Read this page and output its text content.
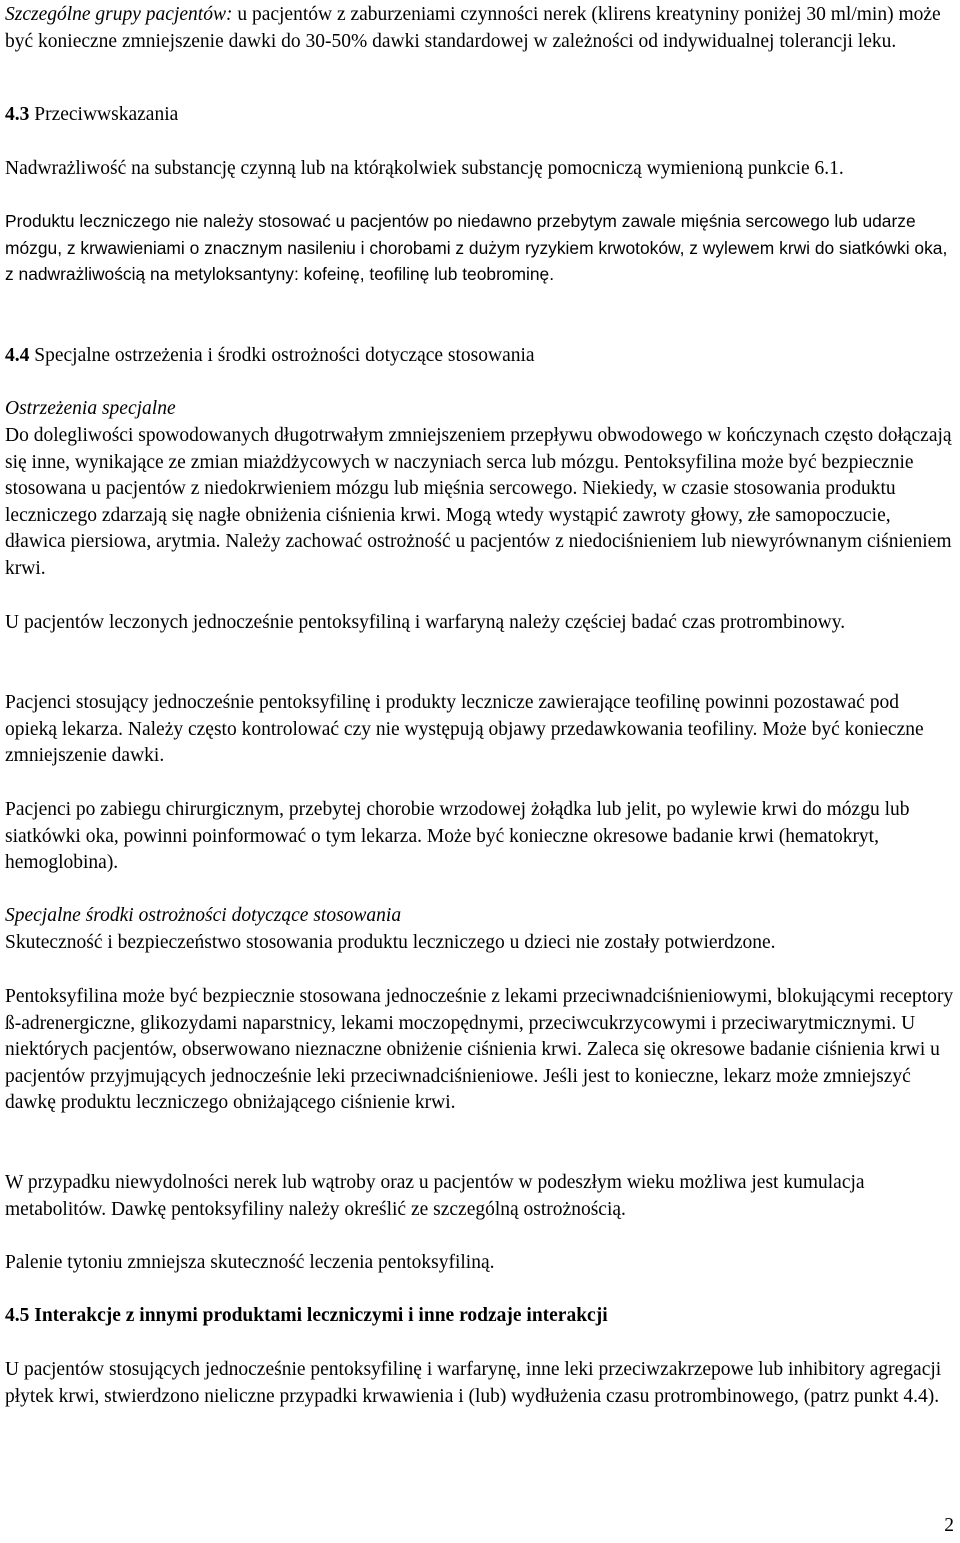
Szczególne grupy pacjentów: u pacjentów z zaburzeniami czynności nerek (klirens kreatyniny poniżej 30 ml/min) może być konieczne zmniejszenie dawki do 30-50% dawki standardowej w zależności od indywidualnej tolerancji leku.

4.3 Przeciwwskazania

Nadwrażliwość na substancję czynną lub na którąkolwiek substancję pomocniczą wymienioną punkcie 6.1.

Produktu leczniczego nie należy stosować u pacjentów po niedawno przebytym zawale mięśnia sercowego lub udarze mózgu, z krwawieniami o znacznym nasileniu i chorobami z dużym ryzykiem krwotoków, z wylewem krwi do siatkówki oka, z nadwrażliwością na metyloksantyny: kofeinę, teofilinę lub teobrominę.

4.4 Specjalne ostrzeżenia i środki ostrożności dotyczące stosowania

Ostrzeżenia specjalne

Do dolegliwości spowodowanych długotrwałym zmniejszeniem przepływu obwodowego w kończynach często dołączają się inne, wynikające ze zmian miażdżycowych w naczyniach serca lub mózgu. Pentoksyfilina może być bezpiecznie stosowana u pacjentów z niedokrwieniem mózgu lub mięśnia sercowego. Niekiedy, w czasie stosowania produktu leczniczego zdarzają się nagłe obniżenia ciśnienia krwi. Mogą wtedy wystąpić zawroty głowy, złe samopoczucie, dławica piersiowa, arytmia. Należy zachować ostrożność u pacjentów z niedociśnieniem lub niewyrównanym ciśnieniem krwi.

U pacjentów leczonych jednocześnie pentoksyfiliną i warfaryną należy częściej badać czas protrombinowy.

Pacjenci stosujący jednocześnie pentoksyfilinę i produkty lecznicze zawierające teofilinę powinni pozostawać pod opieką lekarza. Należy często kontrolować czy nie występują objawy przedawkowania teofiliny. Może być konieczne zmniejszenie dawki.

Pacjenci po zabiegu chirurgicznym, przebytej chorobie wrzodowej żołądka lub jelit, po wylewie krwi do mózgu lub siatkówki oka, powinni poinformować o tym lekarza. Może być konieczne okresowe badanie krwi (hematokryt, hemoglobina).

Specjalne środki ostrożności dotyczące stosowania

Skuteczność i bezpieczeństwo stosowania produktu leczniczego u dzieci nie zostały potwierdzone.

Pentoksyfilina może być bezpiecznie stosowana jednocześnie z lekami przeciwnadciśnieniowymi, blokującymi receptory ß-adrenergiczne, glikozydami naparstnicy, lekami moczopędnymi, przeciwcukrzycowymi i przeciwarytmicznymi. U niektórych pacjentów, obserwowano nieznaczne obniżenie ciśnienia krwi. Zaleca się okresowe badanie ciśnienia krwi u pacjentów przyjmujących jednocześnie leki przeciwnadciśnieniowe. Jeśli jest to konieczne, lekarz może zmniejszyć dawkę produktu leczniczego obniżającego ciśnienie krwi.

W przypadku niewydolności nerek lub wątroby oraz u pacjentów w podeszłym wieku możliwa jest kumulacja metabolitów. Dawkę pentoksyfiliny należy określić ze szczególną ostrożnością.

Palenie tytoniu zmniejsza skuteczność leczenia pentoksyfiliną.

4.5 Interakcje z innymi produktami leczniczymi i inne rodzaje interakcji

U pacjentów stosujących jednocześnie pentoksyfilinę i warfarynę, inne leki przeciwzakrzepowe lub inhibitory agregacji płytek krwi, stwierdzono nieliczne przypadki krwawienia i (lub) wydłużenia czasu protrombinowego, (patrz punkt 4.4).

2
